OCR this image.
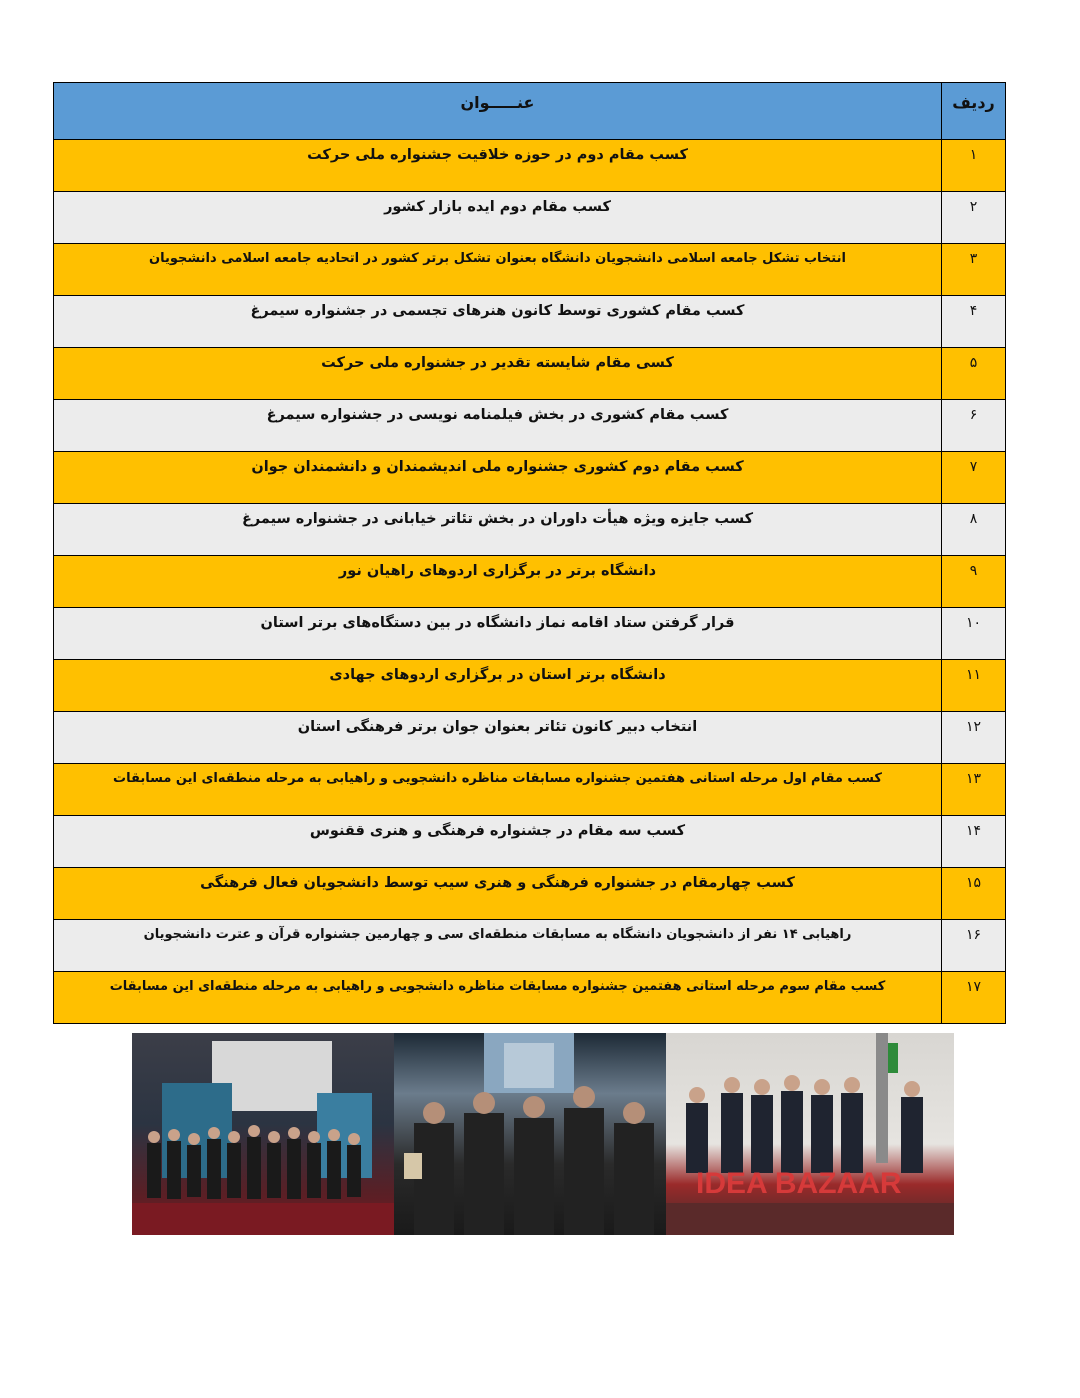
ردیف	عنـــــوان

۱	کسب مقام دوم در حوزه خلاقیت جشنواره ملی حرکت

۲	کسب مقام دوم ایده بازار کشور

۳	انتخاب تشکل جامعه اسلامی دانشجویان دانشگاه بعنوان تشکل برتر کشور در اتحادیه جامعه اسلامی دانشجویان

۴	کسب مقام کشوری توسط کانون هنرهای تجسمی در جشنواره سیمرغ

۵	کسی مقام شایسته تقدیر در جشنواره ملی حرکت

۶	کسب مقام کشوری در بخش فیلمنامه نویسی در جشنواره سیمرغ

۷	کسب مقام دوم کشوری جشنواره ملی اندیشمندان و دانشمندان جوان

۸	کسب جایزه ویژه هیأت داوران در بخش تئاتر خیابانی در جشنواره سیمرغ

۹	دانشگاه برتر در برگزاری اردوهای راهیان نور

۱۰	قرار گرفتن ستاد اقامه نماز دانشگاه در بین دستگاه‌های برتر استان

۱۱	دانشگاه برتر استان در برگزاری اردوهای جهادی

۱۲	انتخاب دبیر کانون تئاتر بعنوان جوان برتر فرهنگی استان

۱۳	کسب مقام اول مرحله استانی هفتمین جشنواره مسابقات مناظره دانشجویی و راهیابی به مرحله منطقه‌ای این مسابقات

۱۴	کسب سه مقام در جشنواره فرهنگی و هنری ققنوس

۱۵	کسب چهارمقام در جشنواره فرهنگی و هنری سیب توسط دانشجویان فعال فرهنگی

۱۶	راهیابی ۱۴ نفر از دانشجویان دانشگاه به مسابقات منطقه‌ای سی و چهارمین جشنواره قرآن و عترت دانشجویان

۱۷	کسب مقام سوم مرحله استانی هفتمین جشنواره مسابقات مناظره دانشجویی و راهیابی به مرحله منطقه‌ای این مسابقات
IDEA BAZAAR
